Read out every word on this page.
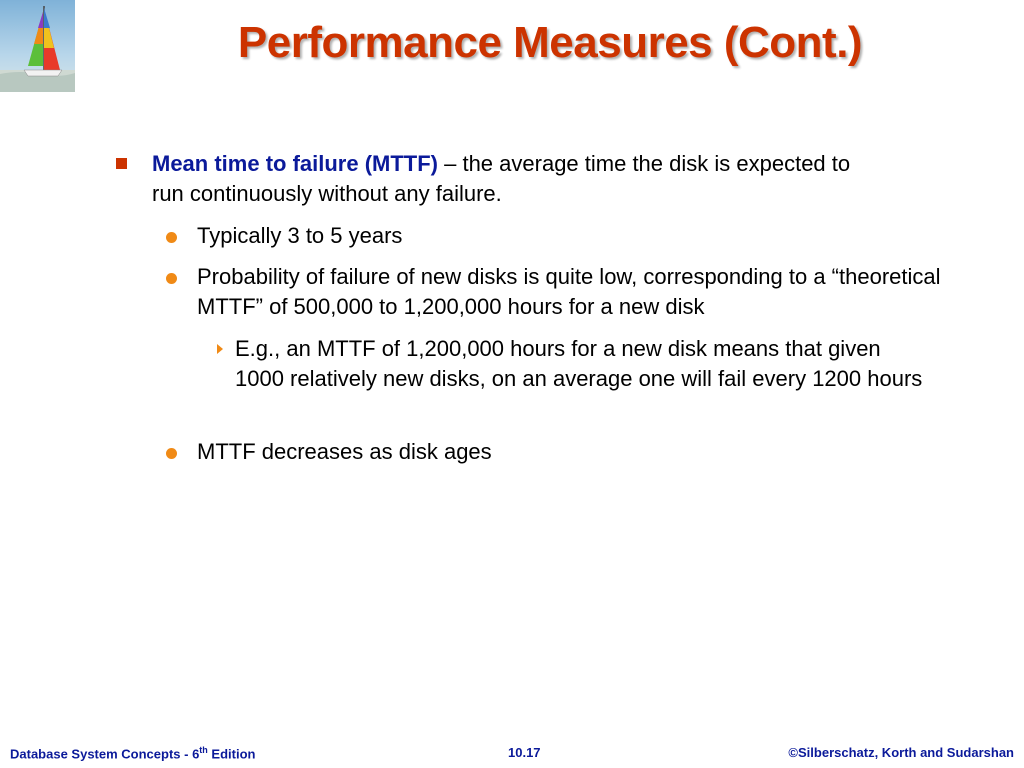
Performance Measures (Cont.)
Mean time to failure (MTTF) – the average time the disk is expected to run continuously without any failure.
Typically 3 to 5 years
Probability of failure of new disks is quite low, corresponding to a “theoretical MTTF” of 500,000 to 1,200,000 hours for a new disk
E.g., an MTTF of 1,200,000 hours for a new disk means that given 1000 relatively new disks, on an average one will fail every 1200 hours
MTTF decreases as disk ages
Database System Concepts - 6th Edition	10.17	©Silberschatz, Korth and Sudarshan
